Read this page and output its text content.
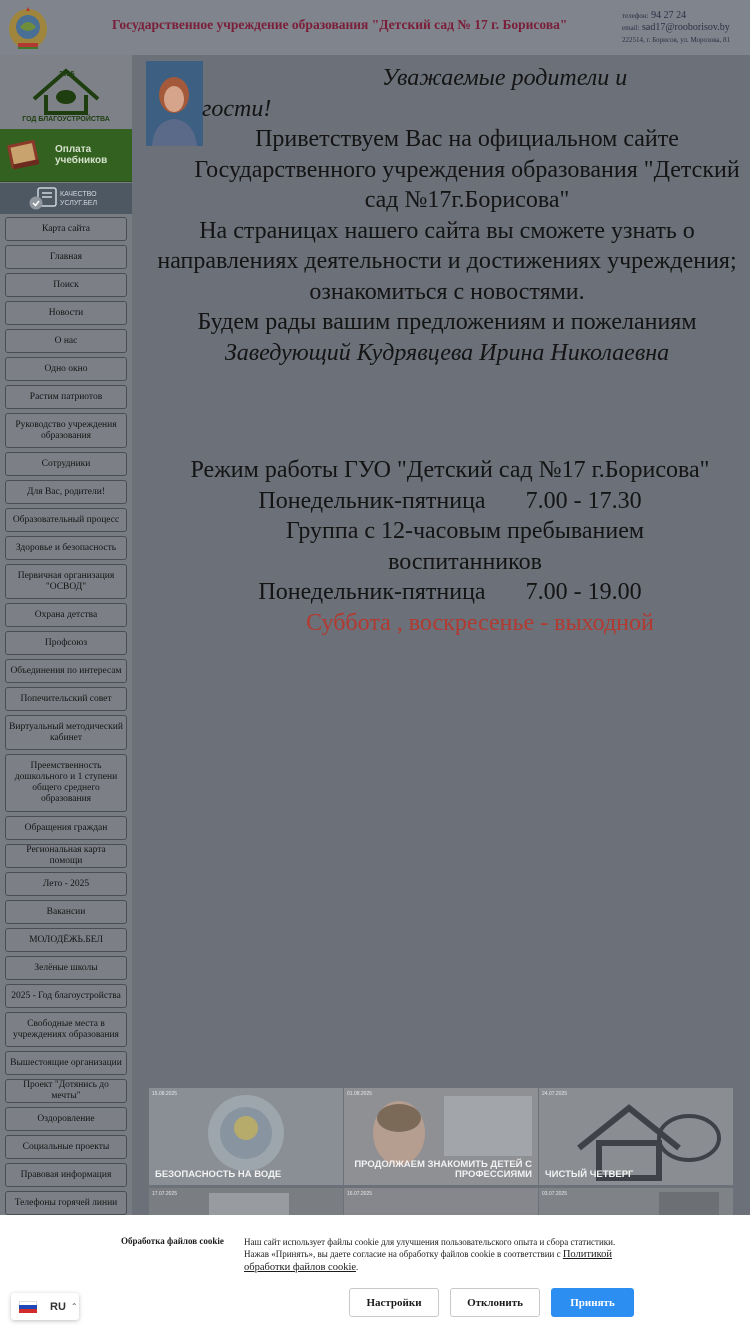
Государственное учреждение образования "Детский сад № 17 г. Борисова"
телефон: 94 27 24
email: sad17@rooborisov.by
222514, г. Борисов, ул. Морозова, 81
2025
ГОД БЛАГОУСТРОЙСТВА
Оплата
учебников
КАЧЕСТВО
УСЛУГ.БЕЛ
Карта сайта
Главная
Поиск
Новости
О нас
Одно окно
Растим патриотов
Руководство учреждения образования
Сотрудники
Для Вас, родители!
Образовательный процесс
Здоровье и безопасность
Первичная организация "ОСВОД"
Охрана детства
Профсоюз
Объединения по интересам
Попечительский совет
Виртуальный методический кабинет
Преемственность дошкольного и 1 ступени общего среднего образования
Обращения граждан
Региональная карта помощи
Лето - 2025
Вакансии
МОЛОДЁЖЬ.БЕЛ
Зелёные школы
2025 - Год благоустройства
Свободные места в учреждениях образования
Вышестоящие организации
Проект "Дотянись до мечты"
Оздоровление
Социальные проекты
Правовая информация
Телефоны горячей линии
Уважаемые родители и
гости!
Приветствуем Вас на официальном сайте Государственного учреждения образования "Детский сад №17г.Борисова"
На страницах нашего сайта вы сможете узнать о направлениях деятельности и достижениях учреждения; ознакомиться с новостями.
Будем рады вашим предложениям и пожеланиям
Заведующий Кудрявцева Ирина Николаевна
Режим работы ГУО "Детский сад №17 г.Борисова"
Понедельник-пятница 7.00 - 17.30
Группа с 12-часовым пребыванием воспитанников
Понедельник-пятница 7.00 - 19.00
Суббота , воскресенье - выходной
15.08.2025
БЕЗОПАСНОСТЬ НА ВОДЕ
01.08.2025
ПРОДОЛЖАЕМ ЗНАКОМИТЬ ДЕТЕЙ С ПРОФЕССИЯМИ
24.07.2025
ЧИСТЫЙ ЧЕТВЕРГ
17.07.2025	16.07.2025	03.07.2025
Обработка файлов cookie Наш сайт использует файлы cookie для улучшения пользовательского опыта и сбора статистики.
Нажав «Принять», вы даете согласие на обработку файлов cookie в соответствии с Политикой обработки файлов cookie.
Настройки	Отклонить	Принять
RU ⌃
